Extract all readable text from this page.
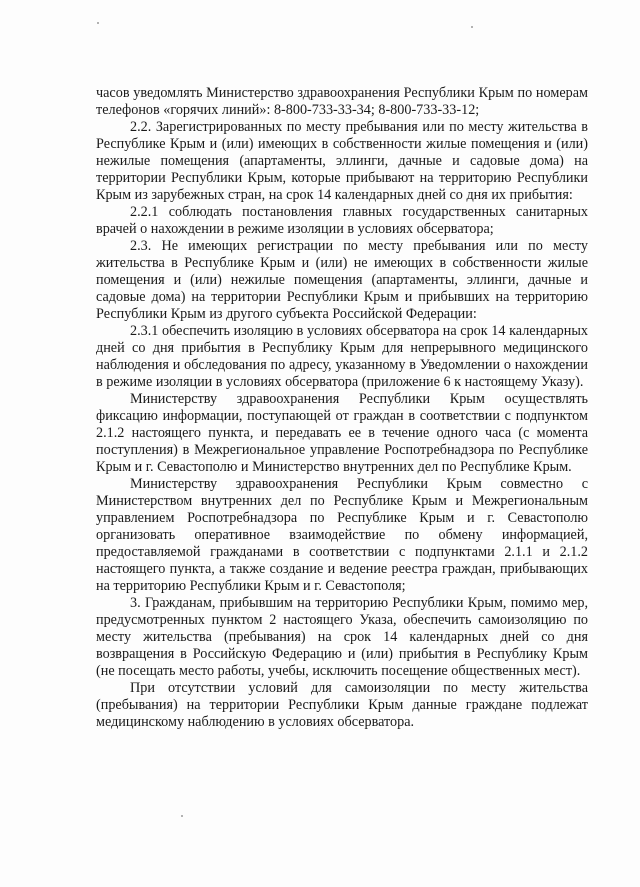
часов уведомлять Министерство здравоохранения Республики Крым по номерам телефонов «горячих линий»: 8-800-733-33-34; 8-800-733-33-12;

2.2. Зарегистрированных по месту пребывания или по месту жительства в Республике Крым и (или) имеющих в собственности жилые помещения и (или) нежилые помещения (апартаменты, эллинги, дачные и садовые дома) на территории Республики Крым, которые прибывают на территорию Республики Крым из зарубежных стран, на срок 14 календарных дней со дня их прибытия:

2.2.1 соблюдать постановления главных государственных санитарных врачей о нахождении в режиме изоляции в условиях обсерватора;

2.3. Не имеющих регистрации по месту пребывания или по месту жительства в Республике Крым и (или) не имеющих в собственности жилые помещения и (или) нежилые помещения (апартаменты, эллинги, дачные и садовые дома) на территории Республики Крым и прибывших на территорию Республики Крым из другого субъекта Российской Федерации:

2.3.1 обеспечить изоляцию в условиях обсерватора на срок 14 календарных дней со дня прибытия в Республику Крым для непрерывного медицинского наблюдения и обследования по адресу, указанному в Уведомлении о нахождении в режиме изоляции в условиях обсерватора (приложение 6 к настоящему Указу).

Министерству здравоохранения Республики Крым осуществлять фиксацию информации, поступающей от граждан в соответствии с подпунктом 2.1.2 настоящего пункта, и передавать ее в течение одного часа (с момента поступления) в Межрегиональное управление Роспотребнадзора по Республике Крым и г. Севастополю и Министерство внутренних дел по Республике Крым.

Министерству здравоохранения Республики Крым совместно с Министерством внутренних дел по Республике Крым и Межрегиональным управлением Роспотребнадзора по Республике Крым и г. Севастополю организовать оперативное взаимодействие по обмену информацией, предоставляемой гражданами в соответствии с подпунктами 2.1.1 и 2.1.2 настоящего пункта, а также создание и ведение реестра граждан, прибывающих на территорию Республики Крым и г. Севастополя;

3. Гражданам, прибывшим на территорию Республики Крым, помимо мер, предусмотренных пунктом 2 настоящего Указа, обеспечить самоизоляцию по месту жительства (пребывания) на срок 14 календарных дней со дня возвращения в Российскую Федерацию и (или) прибытия в Республику Крым (не посещать место работы, учебы, исключить посещение общественных мест).

При отсутствии условий для самоизоляции по месту жительства (пребывания) на территории Республики Крым данные граждане подлежат медицинскому наблюдению в условиях обсерватора.
